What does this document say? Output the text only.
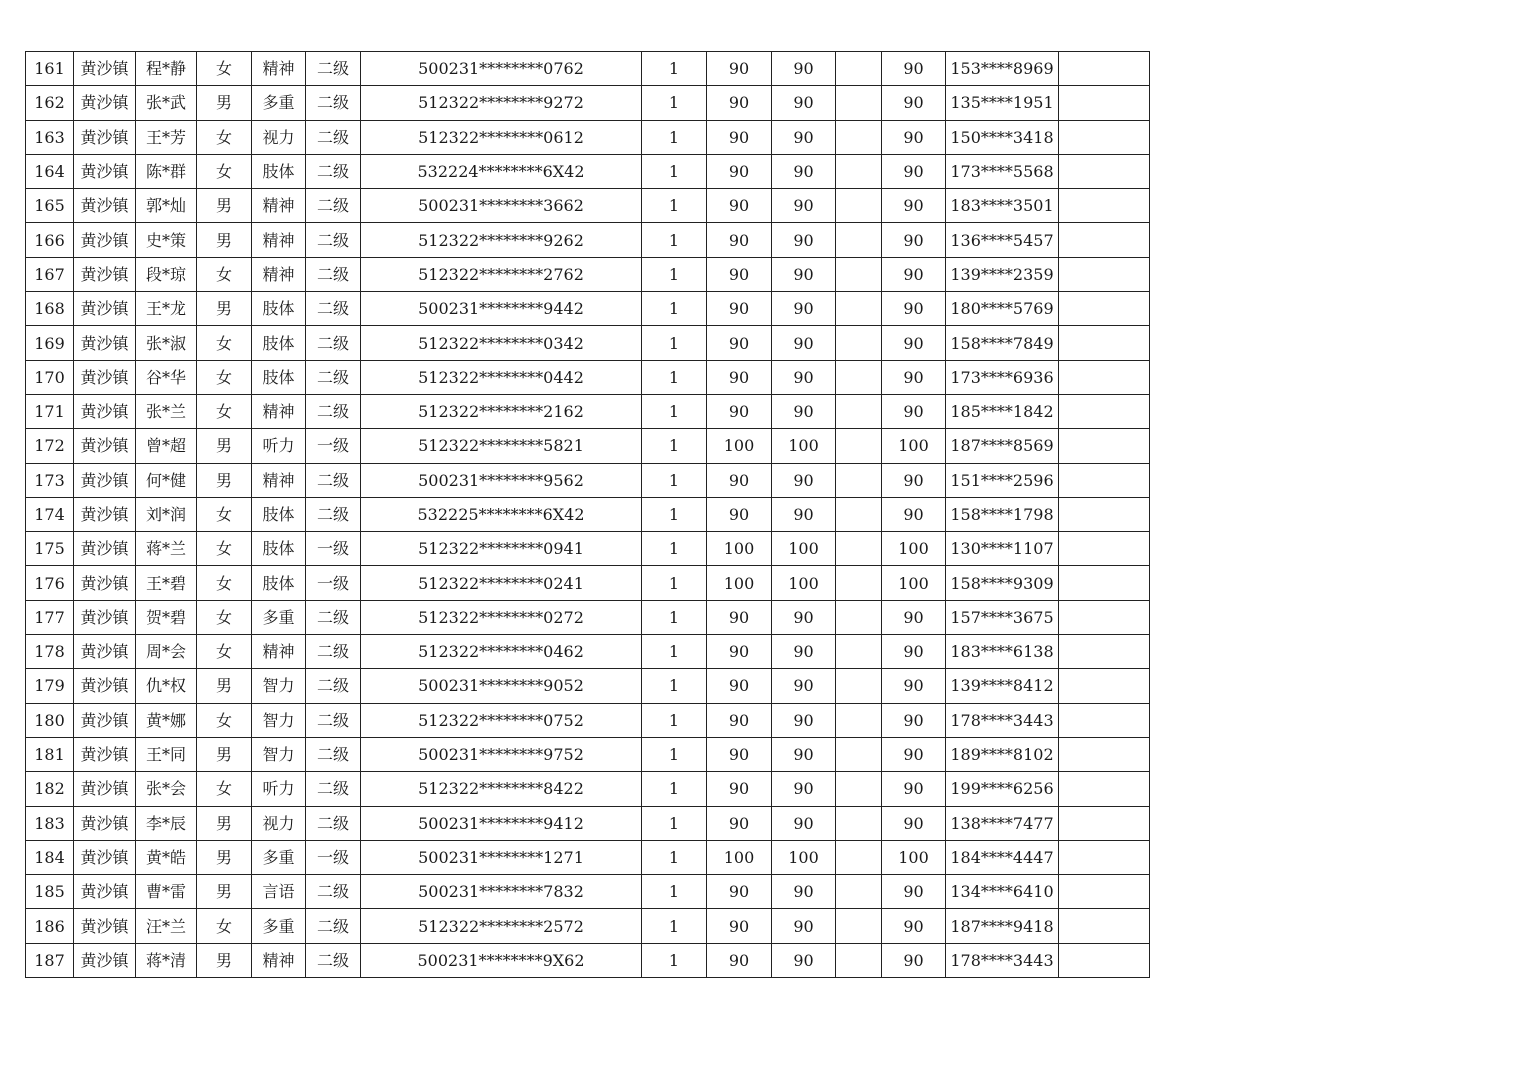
161	黄沙镇	程*静	女	精神	二级	500231********0762	1	90	90		90	153****8969	
162	黄沙镇	张*武	男	多重	二级	512322********9272	1	90	90		90	135****1951	
163	黄沙镇	王*芳	女	视力	二级	512322********0612	1	90	90		90	150****3418	
164	黄沙镇	陈*群	女	肢体	二级	532224********6X42	1	90	90		90	173****5568	
165	黄沙镇	郭*灿	男	精神	二级	500231********3662	1	90	90		90	183****3501	
166	黄沙镇	史*策	男	精神	二级	512322********9262	1	90	90		90	136****5457	
167	黄沙镇	段*琼	女	精神	二级	512322********2762	1	90	90		90	139****2359	
168	黄沙镇	王*龙	男	肢体	二级	500231********9442	1	90	90		90	180****5769	
169	黄沙镇	张*淑	女	肢体	二级	512322********0342	1	90	90		90	158****7849	
170	黄沙镇	谷*华	女	肢体	二级	512322********0442	1	90	90		90	173****6936	
171	黄沙镇	张*兰	女	精神	二级	512322********2162	1	90	90		90	185****1842	
172	黄沙镇	曾*超	男	听力	一级	512322********5821	1	100	100		100	187****8569	
173	黄沙镇	何*健	男	精神	二级	500231********9562	1	90	90		90	151****2596	
174	黄沙镇	刘*润	女	肢体	二级	532225********6X42	1	90	90		90	158****1798	
175	黄沙镇	蒋*兰	女	肢体	一级	512322********0941	1	100	100		100	130****1107	
176	黄沙镇	王*碧	女	肢体	一级	512322********0241	1	100	100		100	158****9309	
177	黄沙镇	贺*碧	女	多重	二级	512322********0272	1	90	90		90	157****3675	
178	黄沙镇	周*会	女	精神	二级	512322********0462	1	90	90		90	183****6138	
179	黄沙镇	仇*权	男	智力	二级	500231********9052	1	90	90		90	139****8412	
180	黄沙镇	黄*娜	女	智力	二级	512322********0752	1	90	90		90	178****3443	
181	黄沙镇	王*同	男	智力	二级	500231********9752	1	90	90		90	189****8102	
182	黄沙镇	张*会	女	听力	二级	512322********8422	1	90	90		90	199****6256	
183	黄沙镇	李*辰	男	视力	二级	500231********9412	1	90	90		90	138****7477	
184	黄沙镇	黄*皓	男	多重	一级	500231********1271	1	100	100		100	184****4447	
185	黄沙镇	曹*雷	男	言语	二级	500231********7832	1	90	90		90	134****6410	
186	黄沙镇	汪*兰	女	多重	二级	512322********2572	1	90	90		90	187****9418	
187	黄沙镇	蒋*清	男	精神	二级	500231********9X62	1	90	90		90	178****3443	
